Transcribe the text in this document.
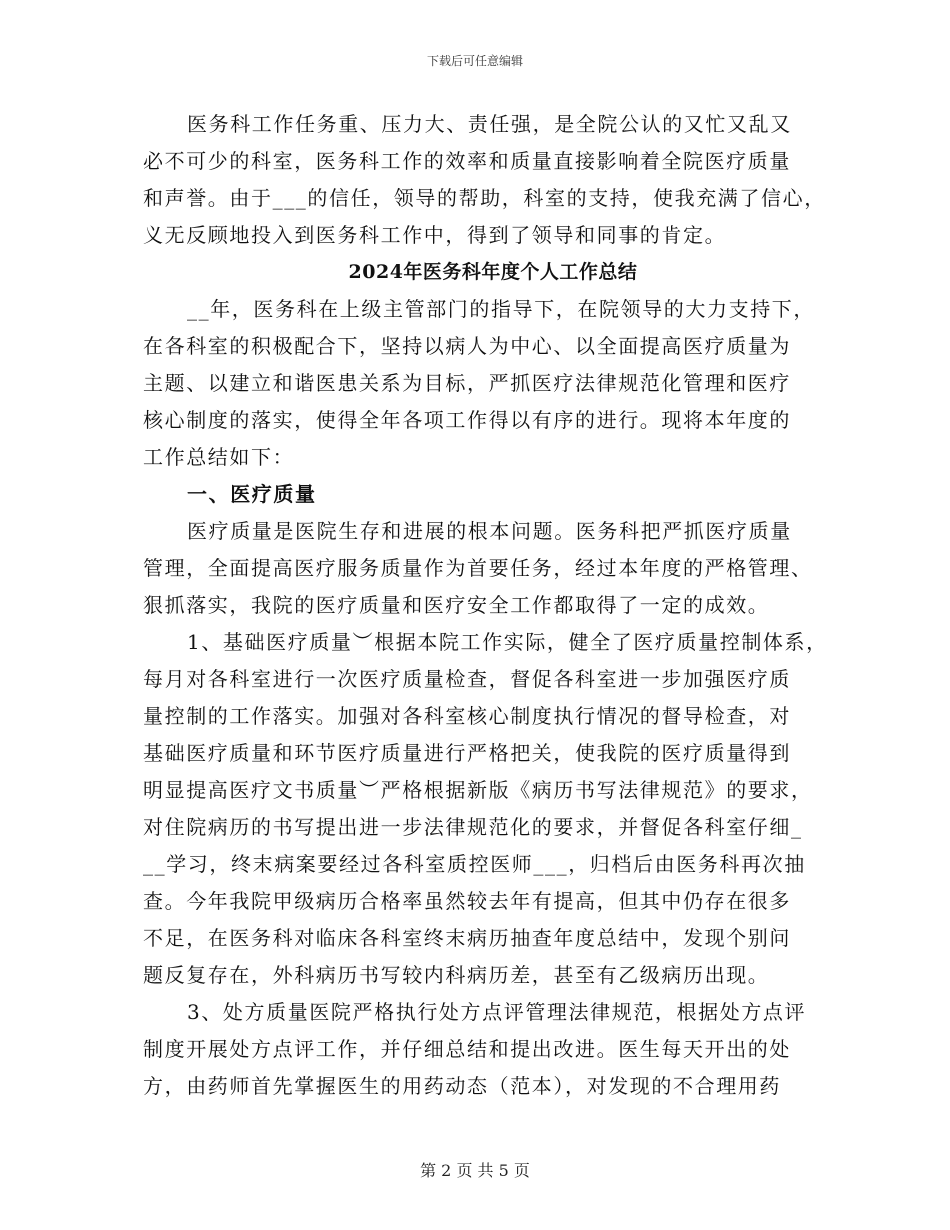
下载后可任意编辑
医务科工作任务重、压力大、责任强，是全院公认的又忙又乱又
必不可少的科室，医务科工作的效率和质量直接影响着全院医疗质量
和声誉。由于___的信任，领导的帮助，科室的支持，使我充满了信心，
义无反顾地投入到医务科工作中，得到了领导和同事的肯定。
2024年医务科年度个人工作总结
__年，医务科在上级主管部门的指导下，在院领导的大力支持下，
在各科室的积极配合下，坚持以病人为中心、以全面提高医疗质量为
主题、以建立和谐医患关系为目标，严抓医疗法律规范化管理和医疗
核心制度的落实，使得全年各项工作得以有序的进行。现将本年度的
工作总结如下：
一、医疗质量
医疗质量是医院生存和进展的根本问题。医务科把严抓医疗质量
管理，全面提高医疗服务质量作为首要任务，经过本年度的严格管理、
狠抓落实，我院的医疗质量和医疗安全工作都取得了一定的成效。
1、基础医疗质量︶根据本院工作实际，健全了医疗质量控制体系，
每月对各科室进行一次医疗质量检查，督促各科室进一步加强医疗质
量控制的工作落实。加强对各科室核心制度执行情况的督导检查，对
基础医疗质量和环节医疗质量进行严格把关，使我院的医疗质量得到
明显提高医疗文书质量︶严格根据新版《病历书写法律规范》的要求，
对住院病历的书写提出进一步法律规范化的要求，并督促各科室仔细_
__学习，终末病案要经过各科室质控医师___，归档后由医务科再次抽
查。今年我院甲级病历合格率虽然较去年有提高，但其中仍存在很多
不足，在医务科对临床各科室终末病历抽查年度总结中，发现个别问
题反复存在，外科病历书写较内科病历差，甚至有乙级病历出现。
3、处方质量医院严格执行处方点评管理法律规范，根据处方点评
制度开展处方点评工作，并仔细总结和提出改进。医生每天开出的处
方，由药师首先掌握医生的用药动态（范本），对发现的不合理用药
第 2 页 共 5 页
